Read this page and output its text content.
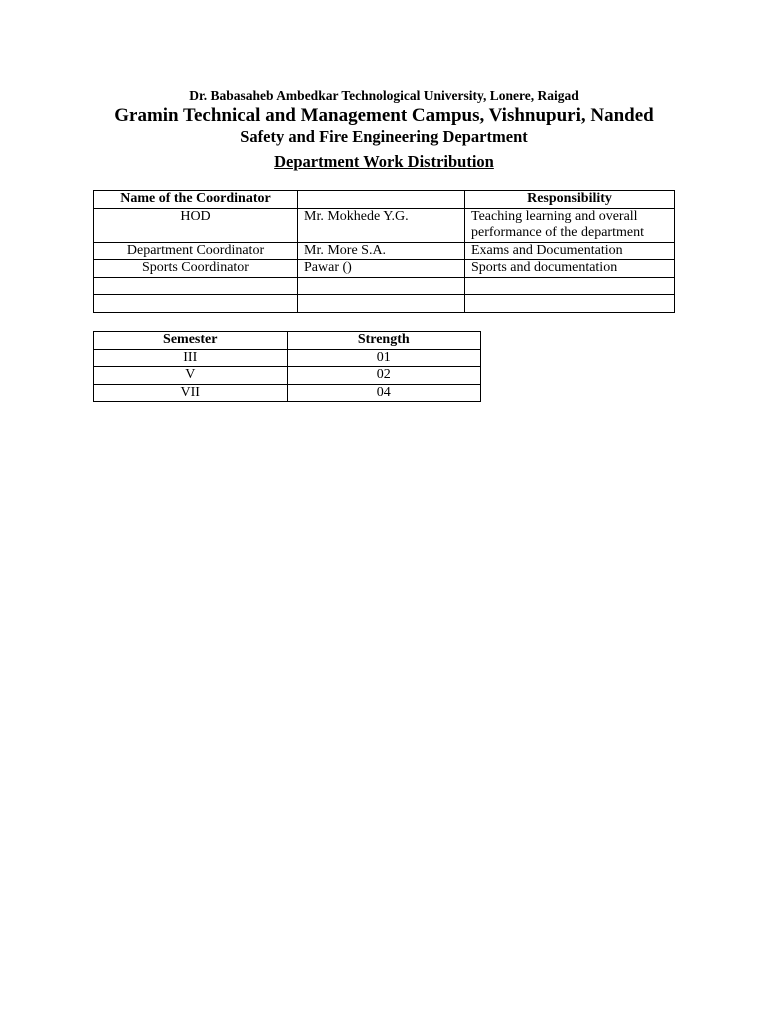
Dr. Babasaheb Ambedkar Technological University, Lonere, Raigad
Gramin Technical and Management Campus, Vishnupuri, Nanded
Safety and Fire Engineering Department
Department Work Distribution
Name of the Coordinator		Responsibility
HOD	Mr. Mokhede Y.G.	Teaching learning and overall performance of the department
Department Coordinator	Mr. More S.A.	Exams and Documentation
Sports Coordinator	Pawar ()	Sports and documentation

Semester	Strength
III	01
V	02
VII	04
